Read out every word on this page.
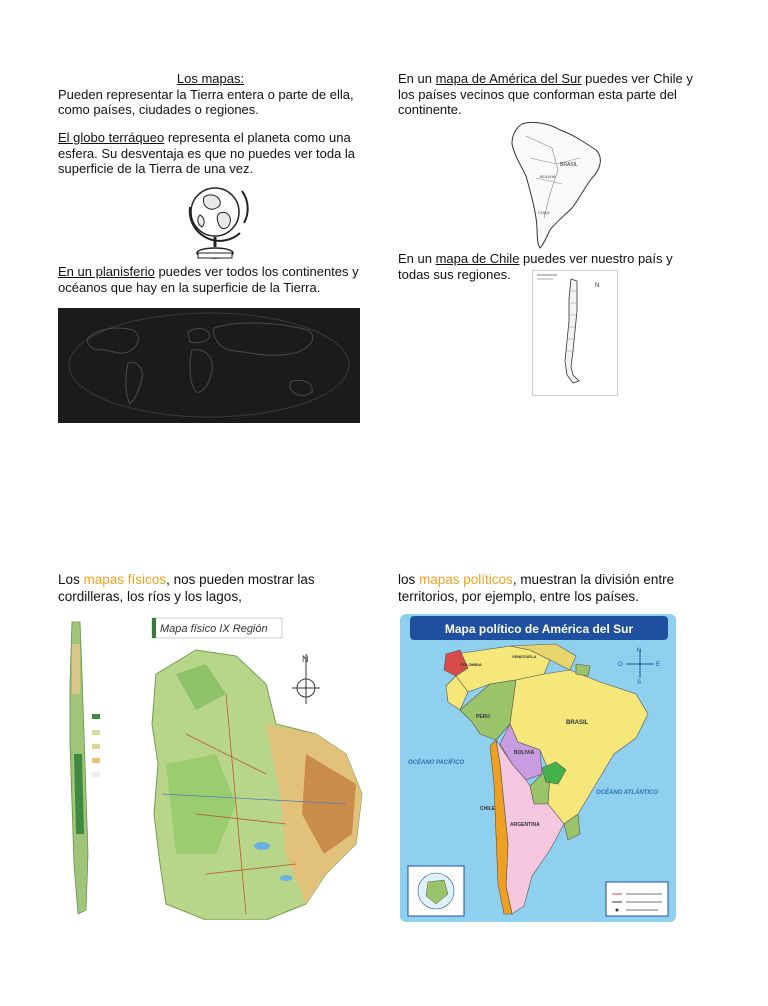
Los mapas:
Pueden representar la Tierra entera o parte de ella, como países, ciudades o regiones.
El globo terráqueo representa el planeta como una esfera. Su desventaja es que no puedes ver toda la superficie de la Tierra de una vez.
En un planisferio puedes ver todos los continentes y océanos que hay en la superficie de la Tierra.
En un mapa de América del Sur puedes ver Chile y los países vecinos que conforman esta parte del continente.
BRASIL
BOLIVIA
CHILE
En un mapa de Chile puedes ver nuestro país y todas sus regiones.
N
Los mapas físicos, nos pueden mostrar las cordilleras, los ríos y los lagos,
Mapa físico IX Región
N
los mapas políticos, muestran la división entre territorios, por ejemplo, entre los países.
Mapa político de América del Sur
BRASIL
BOLIVIA
PERÚ
ARGENTINA
CHILE
COLOMBIA
VENEZUELA
OCÉANO PACÍFICO
OCÉANO ATLÁNTICO
N
S
E
O
